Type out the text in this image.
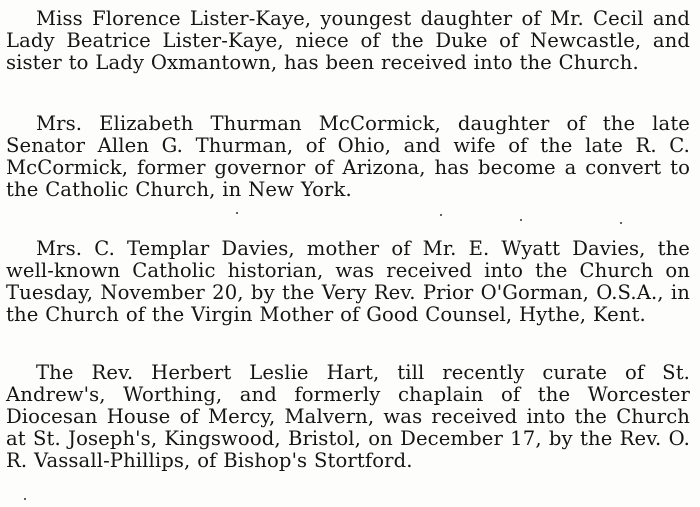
Miss Florence Lister-Kaye, youngest daughter of Mr. Cecil and Lady Beatrice Lister-Kaye, niece of the Duke of Newcastle, and sister to Lady Oxmantown, has been received into the Church.

Mrs. Elizabeth Thurman McCormick, daughter of the late Senator Allen G. Thurman, of Ohio, and wife of the late R. C. McCormick, former governor of Arizona, has become a convert to the Catholic Church, in New York.

Mrs. C. Templar Davies, mother of Mr. E. Wyatt Davies, the well-known Catholic historian, was received into the Church on Tuesday, November 20, by the Very Rev. Prior O'Gorman, O.S.A., in the Church of the Virgin Mother of Good Counsel, Hythe, Kent.

The Rev. Herbert Leslie Hart, till recently curate of St. Andrew's, Worthing, and formerly chaplain of the Worcester Diocesan House of Mercy, Malvern, was received into the Church at St. Joseph's, Kingswood, Bristol, on December 17, by the Rev. O. R. Vassall-Phillips, of Bishop's Stortford.
